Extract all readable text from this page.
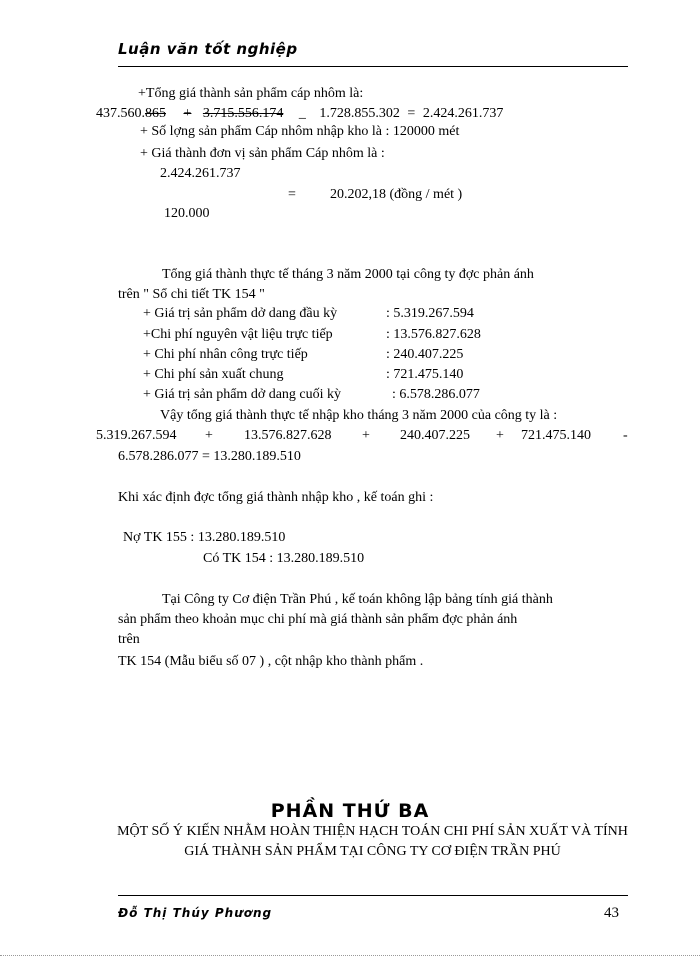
Luận văn tốt nghiệp
+Tổng giá thành sản phẩm cáp nhôm là:
437.560.865 + 3.715.556.174 _ 1.728.855.302 = 2.424.261.737
+ Số lợng sản phẩm Cáp nhôm nhập kho là : 120000 mét
+ Giá thành đơn vị sản phẩm Cáp nhôm là :
2.424.261.737
= 20.202,18 (đồng / mét )
120.000
Tổng giá thành thực tế tháng 3 năm 2000 tại công ty đợc phản ánh
trên " Sổ chi tiết TK 154 "
+ Giá trị sản phẩm dở dang đầu kỳ	: 5.319.267.594
+Chi phí nguyên vật liệu trực tiếp	: 13.576.827.628
+ Chi phí nhân công trực tiếp	: 240.407.225
+ Chi phí sản xuất chung	: 721.475.140
+ Giá trị sản phẩm dở dang cuối kỳ	: 6.578.286.077
Vậy tổng giá thành thực tế nhập kho tháng 3 năm 2000 của công ty là :
5.319.267.594 + 13.576.827.628 + 240.407.225 + 721.475.140 -
6.578.286.077 = 13.280.189.510
Khi xác định đợc tổng giá thành nhập kho , kế toán ghi :
Nợ TK 155 : 13.280.189.510
Có TK 154 : 13.280.189.510
Tại Công ty Cơ điện Trần Phú , kế toán không lập bảng tính giá thành
sản phẩm theo khoản mục chi phí mà giá thành sản phẩm đợc phản ánh
trên
TK 154 (Mẫu biểu số 07 ) , cột nhập kho thành phẩm .
PHẦN THỨ BA
MỘT SỐ Ý KIẾN NHẰM HOÀN THIỆN HẠCH TOÁN CHI PHÍ SẢN XUẤT VÀ TÍNH GIÁ THÀNH SẢN PHẨM TẠI CÔNG TY CƠ ĐIỆN TRẦN PHÚ
Đỗ Thị Thúy Phương	43
